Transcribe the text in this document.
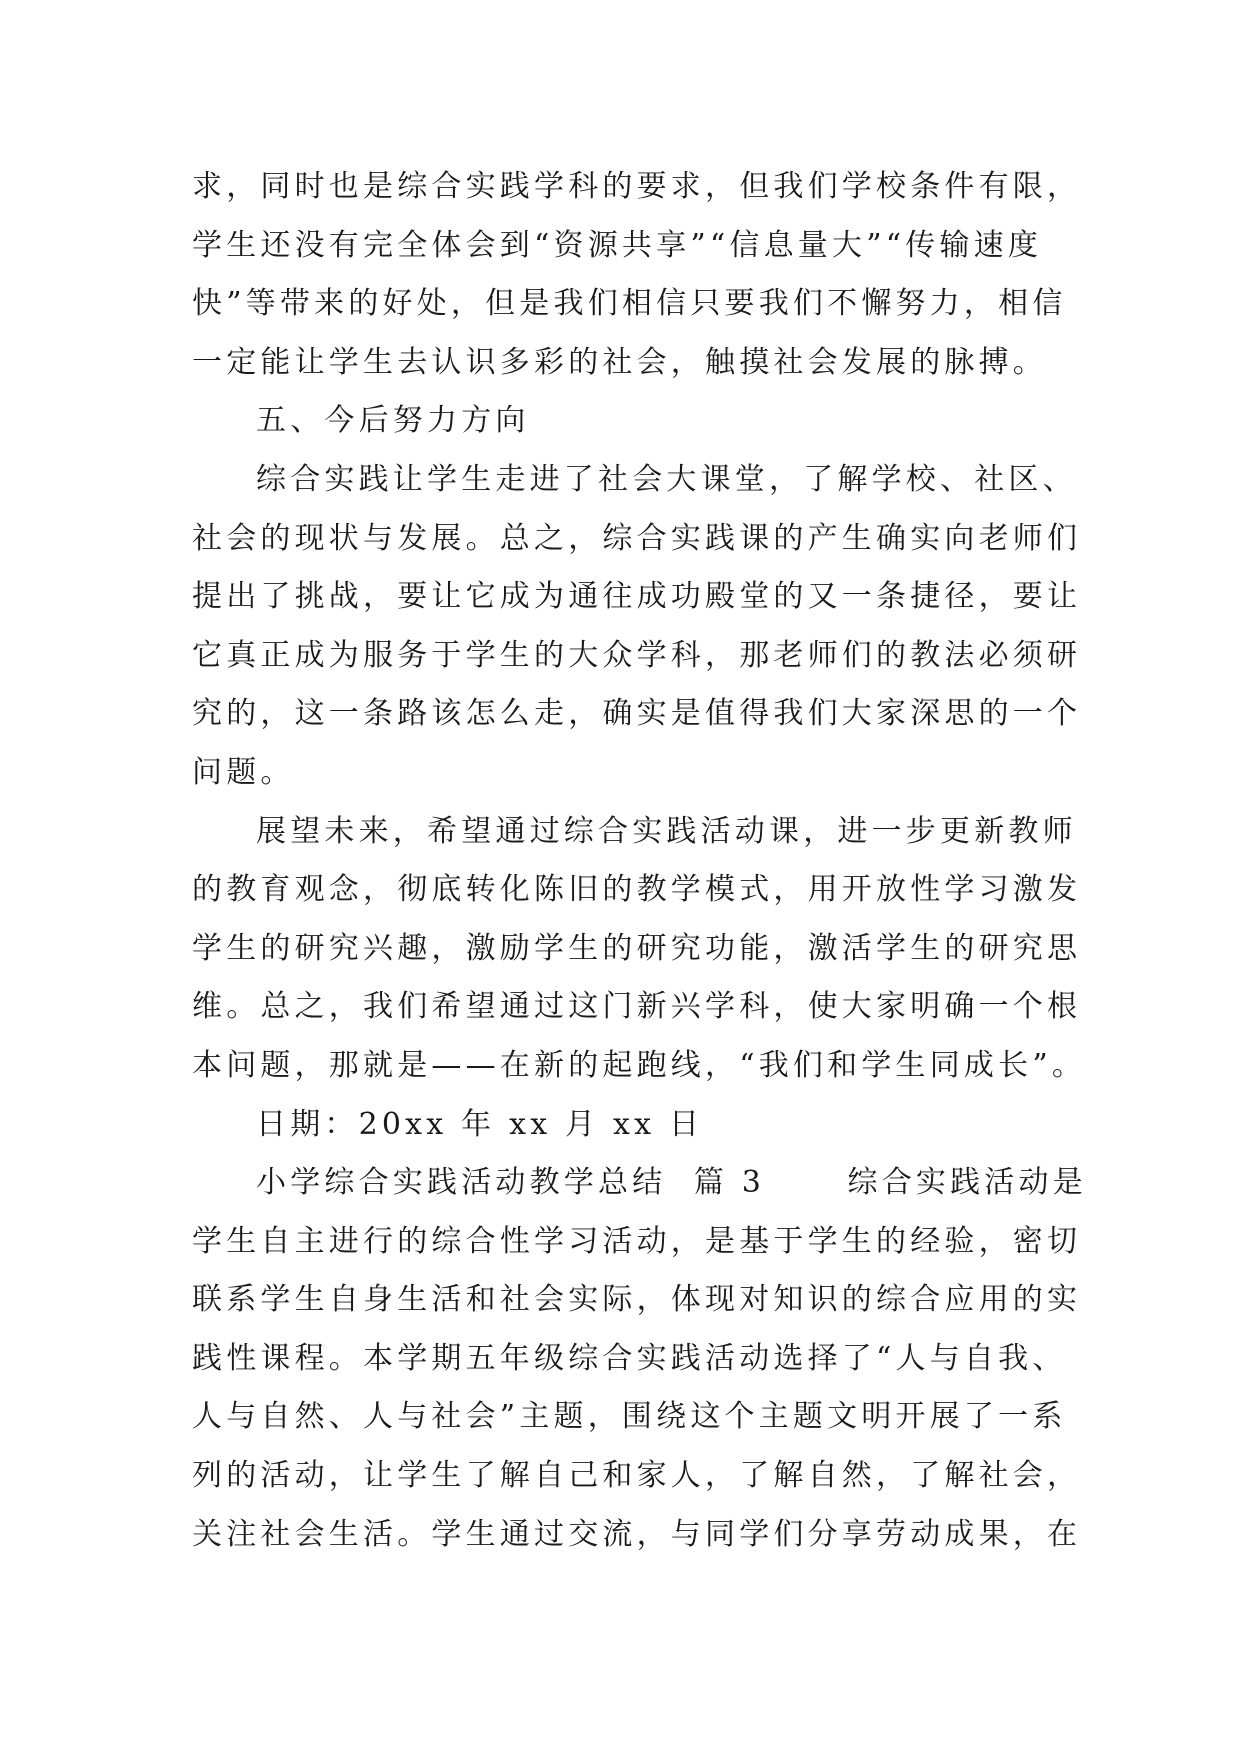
求，同时也是综合实践学科的要求，但我们学校条件有限，
学生还没有完全体会到“资源共享”“信息量大”“传输速度
快”等带来的好处，但是我们相信只要我们不懈努力，相信
一定能让学生去认识多彩的社会，触摸社会发展的脉搏。
五、今后努力方向
综合实践让学生走进了社会大课堂，了解学校、社区、
社会的现状与发展。总之，综合实践课的产生确实向老师们
提出了挑战，要让它成为通往成功殿堂的又一条捷径，要让
它真正成为服务于学生的大众学科，那老师们的教法必须研
究的，这一条路该怎么走，确实是值得我们大家深思的一个
问题。
展望未来，希望通过综合实践活动课，进一步更新教师
的教育观念，彻底转化陈旧的教学模式，用开放性学习激发
学生的研究兴趣，激励学生的研究功能，激活学生的研究思
维。总之，我们希望通过这门新兴学科，使大家明确一个根
本问题，那就是——在新的起跑线，“我们和学生同成长”。
日期：20xx 年 xx 月 xx 日
小学综合实践活动教学总结  篇 3      综合实践活动是
学生自主进行的综合性学习活动，是基于学生的经验，密切
联系学生自身生活和社会实际，体现对知识的综合应用的实
践性课程。本学期五年级综合实践活动选择了“人与自我、
人与自然、人与社会”主题，围绕这个主题文明开展了一系
列的活动，让学生了解自己和家人，了解自然，了解社会，
关注社会生活。学生通过交流，与同学们分享劳动成果，在
